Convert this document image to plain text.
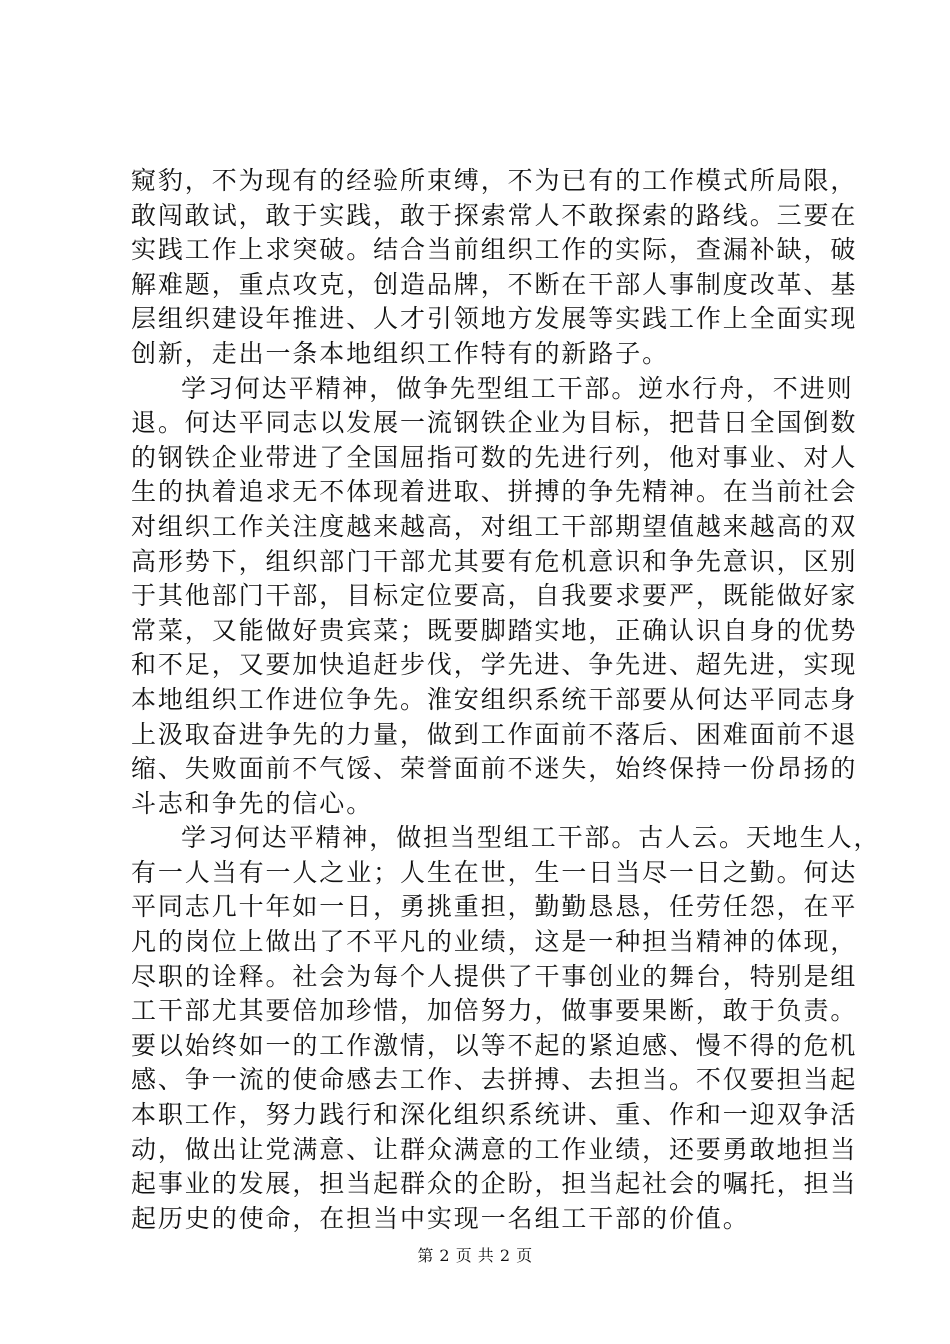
窥豹，不为现有的经验所束缚，不为已有的工作模式所局限，
敢闯敢试，敢于实践，敢于探索常人不敢探索的路线。三要在
实践工作上求突破。结合当前组织工作的实际，查漏补缺，破
解难题，重点攻克，创造品牌，不断在干部人事制度改革、基
层组织建设年推进、人才引领地方发展等实践工作上全面实现
创新，走出一条本地组织工作特有的新路子。
学习何达平精神，做争先型组工干部。逆水行舟，不进则
退。何达平同志以发展一流钢铁企业为目标，把昔日全国倒数
的钢铁企业带进了全国屈指可数的先进行列，他对事业、对人
生的执着追求无不体现着进取、拼搏的争先精神。在当前社会
对组织工作关注度越来越高，对组工干部期望值越来越高的双
高形势下，组织部门干部尤其要有危机意识和争先意识，区别
于其他部门干部，目标定位要高，自我要求要严，既能做好家
常菜，又能做好贵宾菜；既要脚踏实地，正确认识自身的优势
和不足，又要加快追赶步伐，学先进、争先进、超先进，实现
本地组织工作进位争先。淮安组织系统干部要从何达平同志身
上汲取奋进争先的力量，做到工作面前不落后、困难面前不退
缩、失败面前不气馁、荣誉面前不迷失，始终保持一份昂扬的
斗志和争先的信心。
学习何达平精神，做担当型组工干部。古人云。天地生人，
有一人当有一人之业；人生在世，生一日当尽一日之勤。何达
平同志几十年如一日，勇挑重担，勤勤恳恳，任劳任怨，在平
凡的岗位上做出了不平凡的业绩，这是一种担当精神的体现，
尽职的诠释。社会为每个人提供了干事创业的舞台，特别是组
工干部尤其要倍加珍惜，加倍努力，做事要果断，敢于负责。
要以始终如一的工作激情，以等不起的紧迫感、慢不得的危机
感、争一流的使命感去工作、去拼搏、去担当。不仅要担当起
本职工作，努力践行和深化组织系统讲、重、作和一迎双争活
动，做出让党满意、让群众满意的工作业绩，还要勇敢地担当
起事业的发展，担当起群众的企盼，担当起社会的嘱托，担当
起历史的使命，在担当中实现一名组工干部的价值。
第 2 页 共 2 页
